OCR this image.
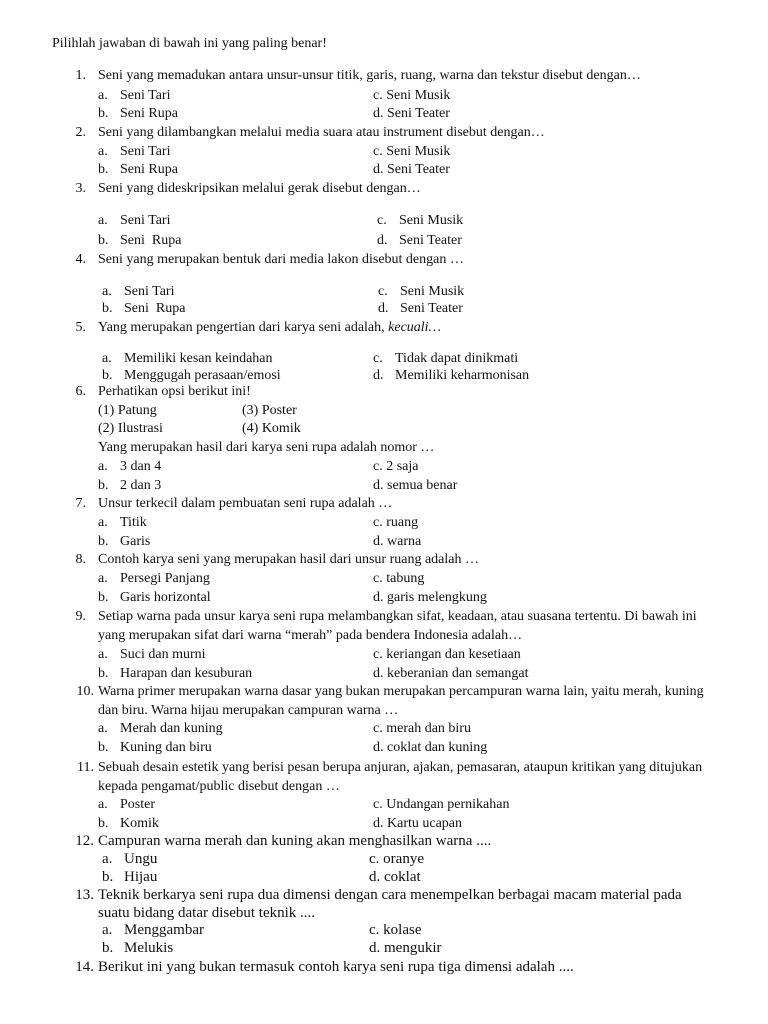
Pilihlah jawaban di bawah ini yang paling benar!
1. Seni yang memadukan antara unsur-unsur titik, garis, ruang, warna dan tekstur disebut dengan…
a. Seni Tari
b. Seni Rupa
c. Seni Musik
d. Seni Teater
2. Seni yang dilambangkan melalui media suara atau instrument disebut dengan…
a. Seni Tari
b. Seni Rupa
c. Seni Musik
d. Seni Teater
3. Seni yang dideskripsikan melalui gerak disebut dengan…
a. Seni Tari
b. Seni  Rupa
c. Seni Musik
d. Seni Teater
4. Seni yang merupakan bentuk dari media lakon disebut dengan …
a. Seni Tari
b. Seni  Rupa
c. Seni Musik
d. Seni Teater
5. Yang merupakan pengertian dari karya seni adalah, kecuali…
a. Memiliki kesan keindahan
b. Menggugah perasaan/emosi
c. Tidak dapat dinikmati
d. Memiliki keharmonisan
6. Perhatikan opsi berikut ini!
(1) Patung	(3) Poster
(2) Ilustrasi	(4) Komik
Yang merupakan hasil dari karya seni rupa adalah nomor …
a. 3 dan 4
b. 2 dan 3
c. 2 saja
d. semua benar
7. Unsur terkecil dalam pembuatan seni rupa adalah …
a. Titik
b. Garis
c. ruang
d. warna
8. Contoh karya seni yang merupakan hasil dari unsur ruang adalah …
a. Persegi Panjang
b. Garis horizontal
c. tabung
d. garis melengkung
9. Setiap warna pada unsur karya seni rupa melambangkan sifat, keadaan, atau suasana tertentu. Di bawah ini
yang merupakan sifat dari warna “merah” pada bendera Indonesia adalah…
a. Suci dan murni
b. Harapan dan kesuburan
c. keriangan dan kesetiaan
d. keberanian dan semangat
10. Warna primer merupakan warna dasar yang bukan merupakan percampuran warna lain, yaitu merah, kuning
dan biru. Warna hijau merupakan campuran warna …
a. Merah dan kuning
b. Kuning dan biru
c. merah dan biru
d. coklat dan kuning
11. Sebuah desain estetik yang berisi pesan berupa anjuran, ajakan, pemasaran, ataupun kritikan yang ditujukan
kepada pengamat/public disebut dengan …
a. Poster
b. Komik
c. Undangan pernikahan
d. Kartu ucapan
12. Campuran warna merah dan kuning akan menghasilkan warna ....
a. Ungu
b. Hijau
c. oranye
d. coklat
13. Teknik berkarya seni rupa dua dimensi dengan cara menempelkan berbagai macam material pada
suatu bidang datar disebut teknik ....
a. Menggambar
b. Melukis
c. kolase
d. mengukir
14. Berikut ini yang bukan termasuk contoh karya seni rupa tiga dimensi adalah ....
